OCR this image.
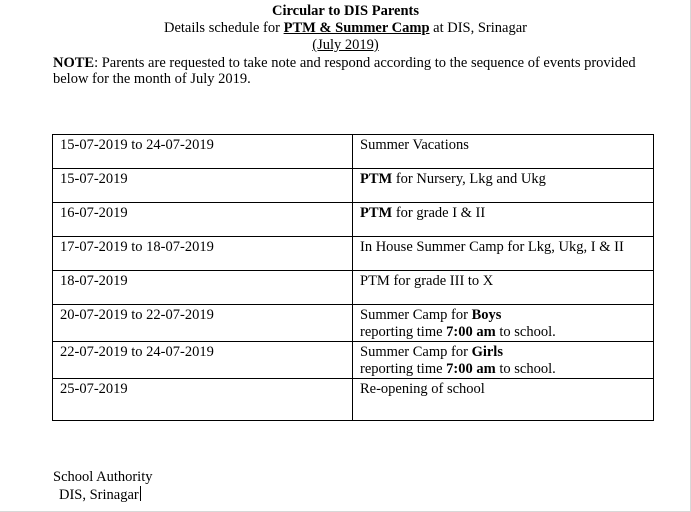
Circular to DIS Parents
Details schedule for PTM & Summer Camp at DIS, Srinagar
(July 2019)
NOTE: Parents are requested to take note and respond according to the sequence of events provided below for the month of July 2019.
15-07-2019 to 24-07-2019	Summer Vacations
15-07-2019	PTM for Nursery, Lkg and Ukg
16-07-2019	PTM for grade I & II
17-07-2019 to 18-07-2019	In House Summer Camp for Lkg, Ukg, I & II
18-07-2019	PTM for grade III to X
20-07-2019 to 22-07-2019	Summer Camp for Boys
reporting time 7:00 am to school.
22-07-2019 to 24-07-2019	Summer Camp for Girls
reporting time 7:00 am to school.
25-07-2019	Re-opening of school
School Authority
DIS, Srinagar
